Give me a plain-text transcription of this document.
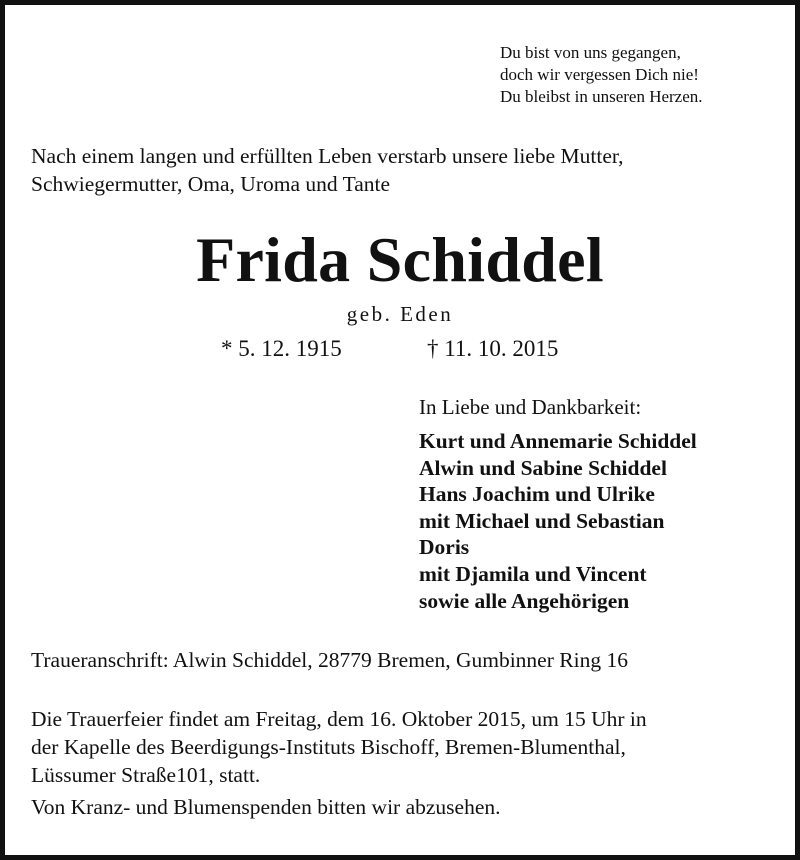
Du bist von uns gegangen,
doch wir vergessen Dich nie!
Du bleibst in unseren Herzen.
Nach einem langen und erfüllten Leben verstarb unsere liebe Mutter,
Schwiegermutter, Oma, Uroma und Tante
Frida Schiddel
geb. Eden
* 5. 12. 1915	† 11. 10. 2015
In Liebe und Dankbarkeit:
Kurt und Annemarie Schiddel
Alwin und Sabine Schiddel
Hans Joachim und Ulrike
mit Michael und Sebastian
Doris
mit Djamila und Vincent
sowie alle Angehörigen
Traueranschrift: Alwin Schiddel, 28779 Bremen, Gumbinner Ring 16
Die Trauerfeier findet am Freitag, dem 16. Oktober 2015, um 15 Uhr in
der Kapelle des Beerdigungs-Instituts Bischoff, Bremen-Blumenthal,
Lüssumer Straße101, statt.
Von Kranz- und Blumenspenden bitten wir abzusehen.
